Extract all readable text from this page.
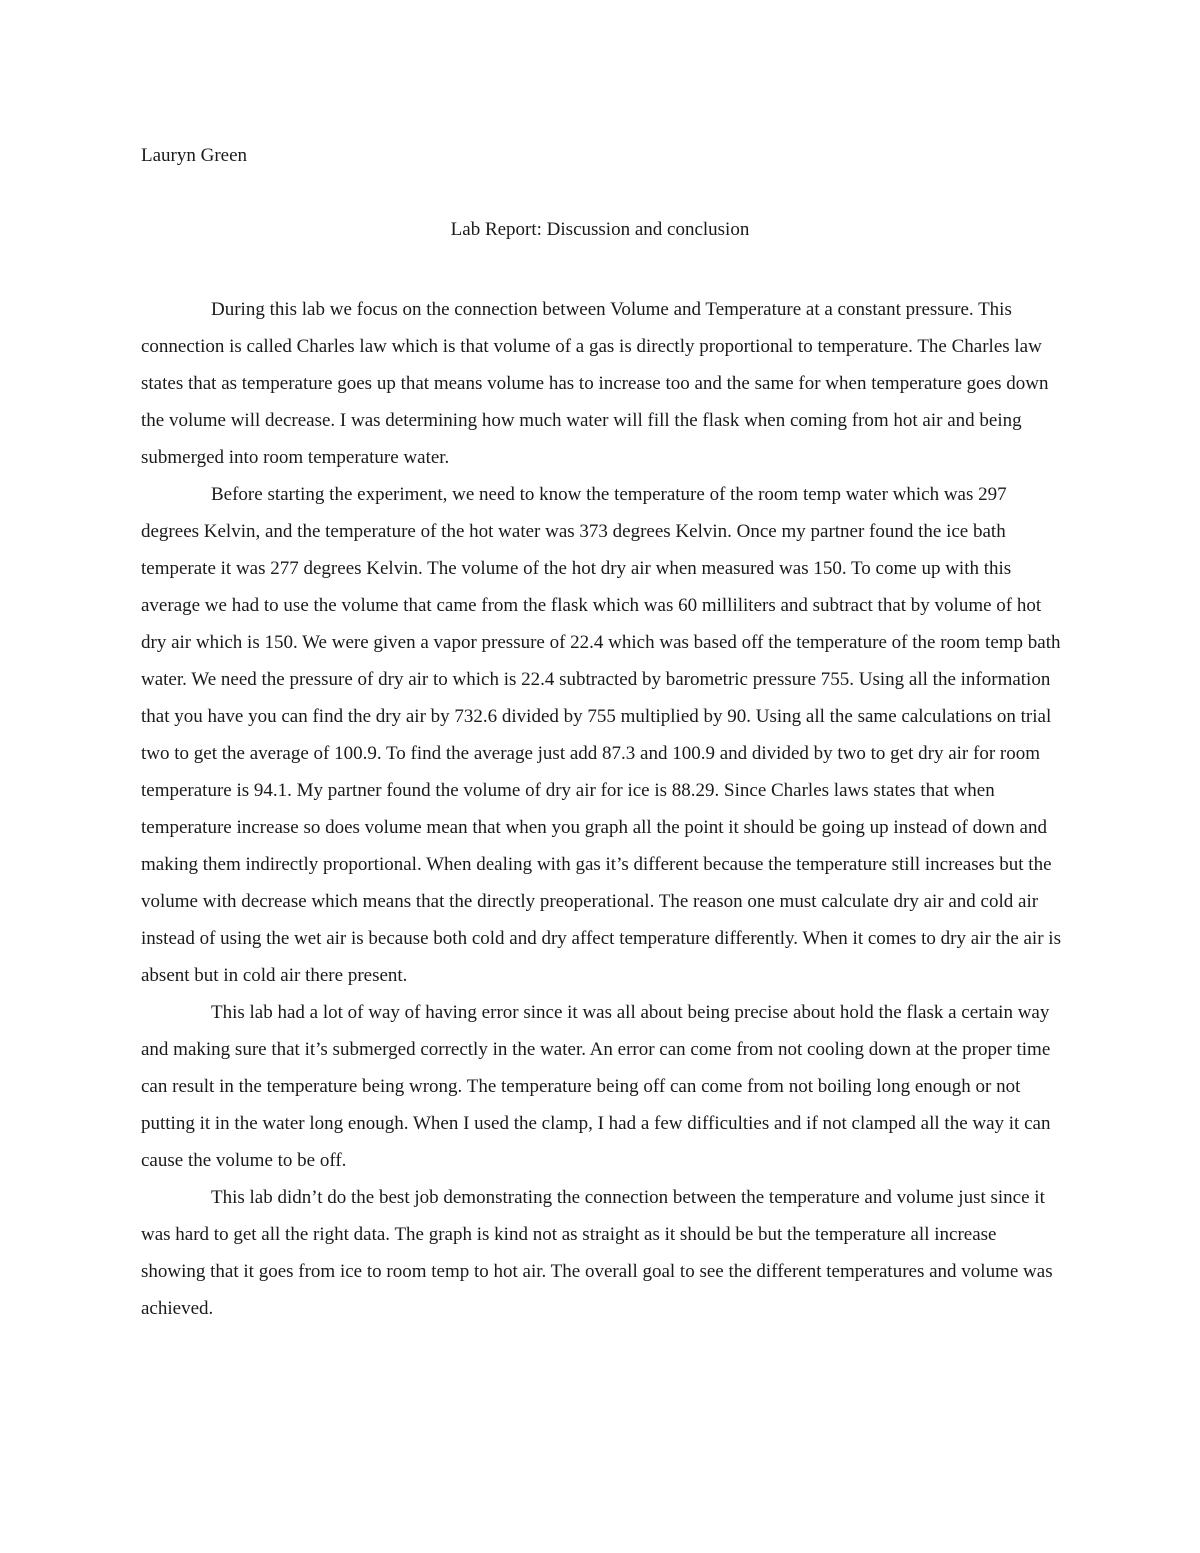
Lauryn Green
Lab Report: Discussion and conclusion

During this lab we focus on the connection between Volume and Temperature at a constant pressure. This connection is called Charles law which is that volume of a gas is directly proportional to temperature. The Charles law states that as temperature goes up that means volume has to increase too and the same for when temperature goes down the volume will decrease. I was determining how much water will fill the flask when coming from hot air and being submerged into room temperature water.

Before starting the experiment, we need to know the temperature of the room temp water which was 297 degrees Kelvin, and the temperature of the hot water was 373 degrees Kelvin. Once my partner found the ice bath temperate it was 277 degrees Kelvin. The volume of the hot dry air when measured was 150. To come up with this average we had to use the volume that came from the flask which was 60 milliliters and subtract that by volume of hot dry air which is 150. We were given a vapor pressure of 22.4 which was based off the temperature of the room temp bath water. We need the pressure of dry air to which is 22.4 subtracted by barometric pressure 755. Using all the information that you have you can find the dry air by 732.6 divided by 755 multiplied by 90. Using all the same calculations on trial two to get the average of 100.9. To find the average just add 87.3 and 100.9 and divided by two to get dry air for room temperature is 94.1. My partner found the volume of dry air for ice is 88.29. Since Charles laws states that when temperature increase so does volume mean that when you graph all the point it should be going up instead of down and making them indirectly proportional. When dealing with gas it’s different because the temperature still increases but the volume with decrease which means that the directly preoperational. The reason one must calculate dry air and cold air instead of using the wet air is because both cold and dry affect temperature differently. When it comes to dry air the air is absent but in cold air there present.

This lab had a lot of way of having error since it was all about being precise about hold the flask a certain way and making sure that it’s submerged correctly in the water. An error can come from not cooling down at the proper time can result in the temperature being wrong. The temperature being off can come from not boiling long enough or not putting it in the water long enough. When I used the clamp, I had a few difficulties and if not clamped all the way it can cause the volume to be off.

This lab didn’t do the best job demonstrating the connection between the temperature and volume just since it was hard to get all the right data. The graph is kind not as straight as it should be but the temperature all increase showing that it goes from ice to room temp to hot air. The overall goal to see the different temperatures and volume was achieved.
